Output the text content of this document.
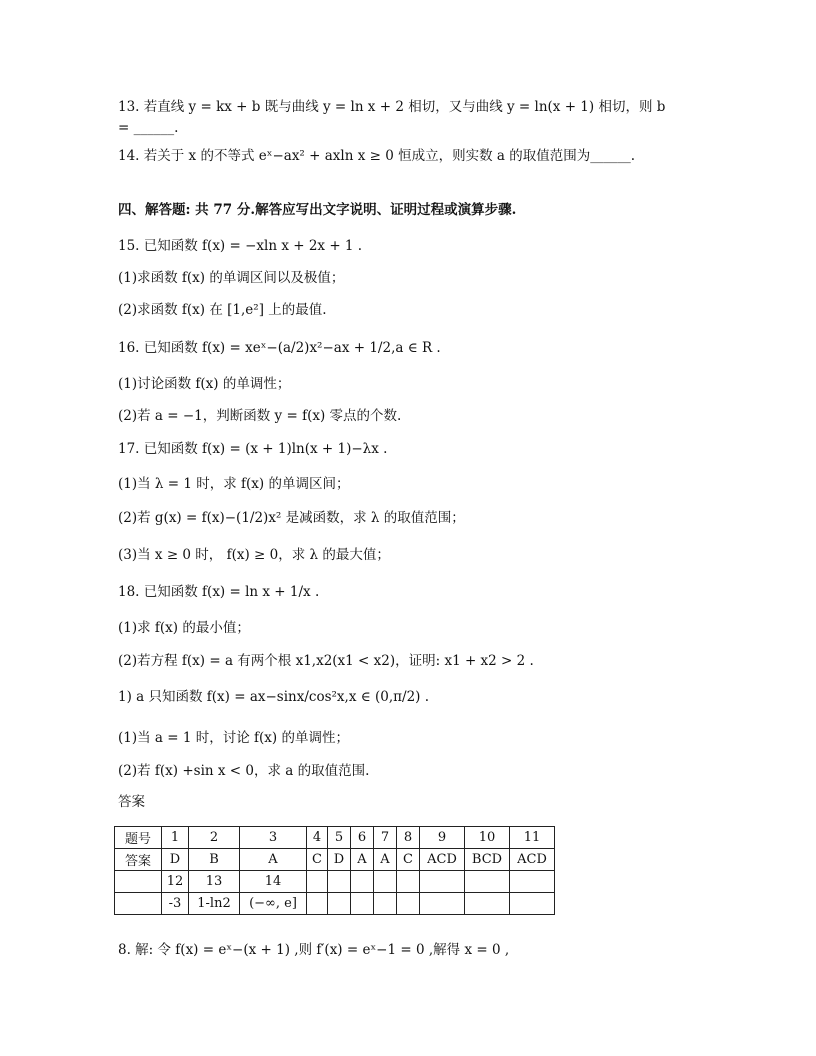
13. 若直线 y = kx + b 既与曲线 y = ln x + 2 相切，又与曲线 y = ln(x + 1) 相切，则 b
= ______.
14. 若关于 x 的不等式 eˣ−ax² + axln x ≥ 0 恒成立，则实数 a 的取值范围为______.
四、解答题: 共 77 分.解答应写出文字说明、证明过程或演算步骤.
15. 已知函数 f(x) = −xln x + 2x + 1 .
(1)求函数 f(x) 的单调区间以及极值；
(2)求函数 f(x) 在 [1,e²] 上的最值.
16. 已知函数 f(x) = xeˣ−(a/2)x²−ax + 1/2,a ∈ R .
(1)讨论函数 f(x) 的单调性；
(2)若 a = −1，判断函数 y = f(x) 零点的个数.
17. 已知函数 f(x) = (x + 1)ln(x + 1)−λx .
(1)当 λ = 1 时，求 f(x) 的单调区间；
(2)若 g(x) = f(x)−(1/2)x² 是减函数，求 λ 的取值范围；
(3)当 x ≥ 0 时， f(x) ≥ 0，求 λ 的最大值；
18. 已知函数 f(x) = ln x + 1/x .
(1)求 f(x) 的最小值；
(2)若方程 f(x) = a 有两个根 x1,x2(x1 < x2)，证明: x1 + x2 > 2 .
1) a 只知函数 f(x) = ax−sinx/cos²x,x ∈ (0,π/2) .
(1)当 a = 1 时，讨论 f(x) 的单调性；
(2)若 f(x) +sin x < 0，求 a 的取值范围.
答案
题号	1	2	3	4	5	6	7	8	9	10	11
答案	D	B	A	C	D	A	A	C	ACD	BCD	ACD
	12	13	14								
	-3	1-ln2	(−∞, e]								
8. 解: 令 f(x) = eˣ−(x + 1) ,则 f′(x) = eˣ−1 = 0 ,解得 x = 0 ,
